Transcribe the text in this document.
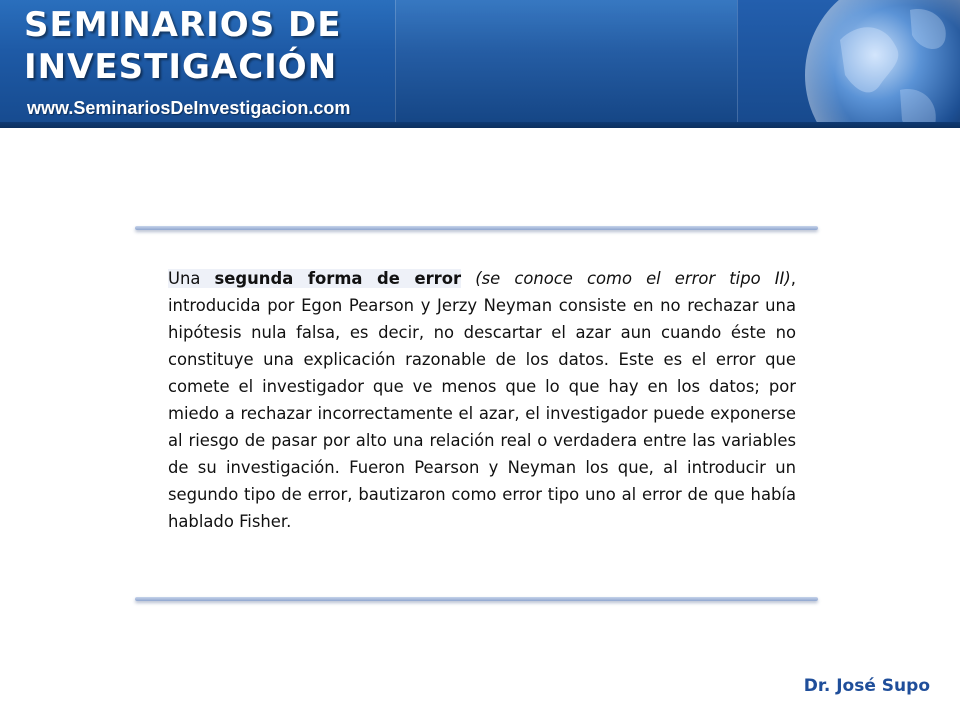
SEMINARIOS DE
INVESTIGACIÓN
www.SeminariosDeInvestigacion.com

Una segunda forma de error (se conoce como el error tipo II), introducida por Egon Pearson y Jerzy Neyman consiste en no rechazar una hipótesis nula falsa, es decir, no descartar el azar aun cuando éste no constituye una explicación razonable de los datos. Este es el error que comete el investigador que ve menos que lo que hay en los datos; por miedo a rechazar incorrectamente el azar, el investigador puede exponerse al riesgo de pasar por alto una relación real o verdadera entre las variables de su investigación. Fueron Pearson y Neyman los que, al introducir un segundo tipo de error, bautizaron como error tipo uno al error de que había hablado Fisher.

Dr. José Supo
